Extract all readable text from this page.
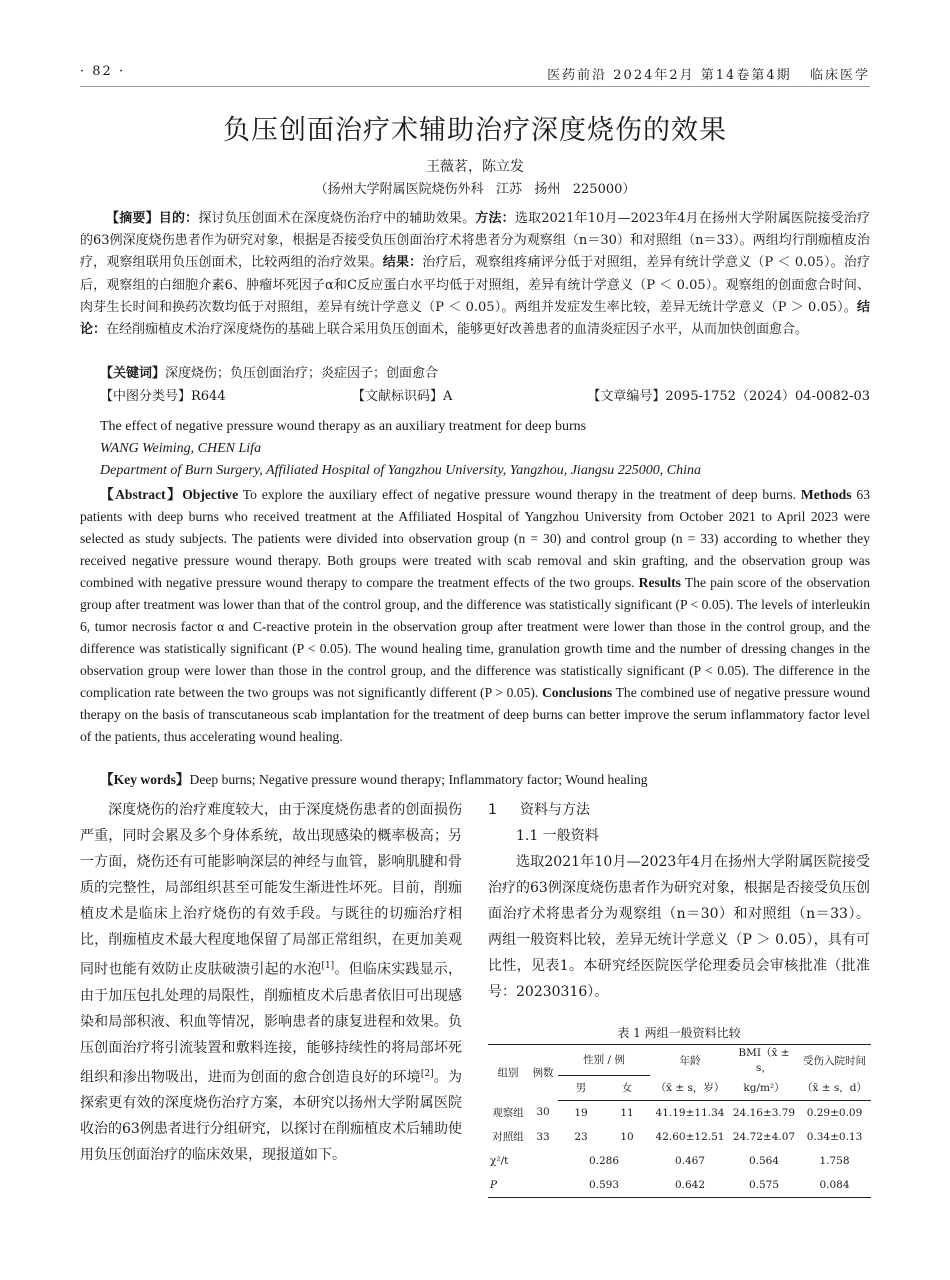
· 82 ·	医药前沿 2024年2月 第14卷第4期   临床医学
负压创面治疗术辅助治疗深度烧伤的效果
王薇茗，陈立发
（扬州大学附属医院烧伤外科   江苏   扬州   225000）
【摘要】目的：探讨负压创面术在深度烧伤治疗中的辅助效果。方法：选取2021年10月—2023年4月在扬州大学附属医院接受治疗的63例深度烧伤患者作为研究对象，根据是否接受负压创面治疗术将患者分为观察组（n＝30）和对照组（n＝33）。两组均行削痂植皮治疗，观察组联用负压创面术，比较两组的治疗效果。结果：治疗后，观察组疼痛评分低于对照组，差异有统计学意义（P ＜ 0.05）。治疗后，观察组的白细胞介素6、肿瘤坏死因子α和C反应蛋白水平均低于对照组，差异有统计学意义（P ＜ 0.05）。观察组的创面愈合时间、肉芽生长时间和换药次数均低于对照组，差异有统计学意义（P ＜ 0.05）。两组并发症发生率比较，差异无统计学意义（P ＞ 0.05）。结论：在经削痂植皮术治疗深度烧伤的基础上联合采用负压创面术，能够更好改善患者的血清炎症因子水平，从而加快创面愈合。
【关键词】深度烧伤；负压创面治疗；炎症因子；创面愈合
【中图分类号】R644	【文献标识码】A	【文章编号】2095-1752（2024）04-0082-03
The effect of negative pressure wound therapy as an auxiliary treatment for deep burns
WANG Weiming, CHEN Lifa
Department of Burn Surgery, Affiliated Hospital of Yangzhou University, Yangzhou, Jiangsu 225000, China
【Abstract】Objective To explore the auxiliary effect of negative pressure wound therapy in the treatment of deep burns. Methods 63 patients with deep burns who received treatment at the Affiliated Hospital of Yangzhou University from October 2021 to April 2023 were selected as study subjects. The patients were divided into observation group (n = 30) and control group (n = 33) according to whether they received negative pressure wound therapy. Both groups were treated with scab removal and skin grafting, and the observation group was combined with negative pressure wound therapy to compare the treatment effects of the two groups. Results The pain score of the observation group after treatment was lower than that of the control group, and the difference was statistically significant (P < 0.05). The levels of interleukin 6, tumor necrosis factor α and C-reactive protein in the observation group after treatment were lower than those in the control group, and the difference was statistically significant (P < 0.05). The wound healing time, granulation growth time and the number of dressing changes in the observation group were lower than those in the control group, and the difference was statistically significant (P < 0.05). The difference in the complication rate between the two groups was not significantly different (P > 0.05). Conclusions The combined use of negative pressure wound therapy on the basis of transcutaneous scab implantation for the treatment of deep burns can better improve the serum inflammatory factor level of the patients, thus accelerating wound healing.
【Key words】Deep burns; Negative pressure wound therapy; Inflammatory factor; Wound healing
深度烧伤的治疗难度较大，由于深度烧伤患者的创面损伤严重，同时会累及多个身体系统，故出现感染的概率极高；另一方面，烧伤还有可能影响深层的神经与血管，影响肌腱和骨质的完整性，局部组织甚至可能发生渐进性坏死。目前，削痂植皮术是临床上治疗烧伤的有效手段。与既往的切痂治疗相比，削痂植皮术最大程度地保留了局部正常组织，在更加美观同时也能有效防止皮肤破溃引起的水泡[1]。但临床实践显示，由于加压包扎处理的局限性，削痂植皮术后患者依旧可出现感染和局部积液、积血等情况，影响患者的康复进程和效果。负压创面治疗将引流装置和敷料连接，能够持续性的将局部坏死组织和渗出物吸出，进而为创面的愈合创造良好的环境[2]。为探索更有效的深度烧伤治疗方案，本研究以扬州大学附属医院收治的63例患者进行分组研究，以探讨在削痂植皮术后辅助使用负压创面治疗的临床效果，现报道如下。
1 资料与方法
1.1 一般资料
选取2021年10月—2023年4月在扬州大学附属医院接受治疗的63例深度烧伤患者作为研究对象，根据是否接受负压创面治疗术将患者分为观察组（n＝30）和对照组（n＝33）。两组一般资料比较，差异无统计学意义（P ＞ 0.05），具有可比性，见表1。本研究经医院医学伦理委员会审核批准（批准号：20230316）。
表 1 两组一般资料比较
组别	例数	性别 / 例		年龄	BMI（x̄ ± s，	受伤入院时间
		男	女	（x̄ ± s，岁）	kg/m²）	（x̄ ± s，d）
观察组	30	19	11	41.19±11.34	24.16±3.79	0.29±0.09
对照组	33	23	10	42.60±12.51	24.72±4.07	0.34±0.13
χ²/t		0.286		0.467	0.564	1.758
P		0.593		0.642	0.575	0.084
